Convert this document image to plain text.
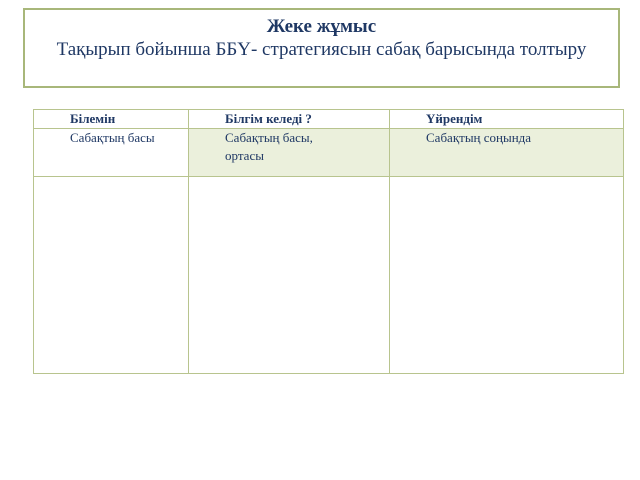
Жеке жұмыс
Тақырып бойынша ББҮ- стратегиясын сабақ барысында толтыру
Білемін	Білгім келеді ?	Үйрендім

Сабақтың басы	Сабақтың басы, ортасы	Сабақтың соңында
